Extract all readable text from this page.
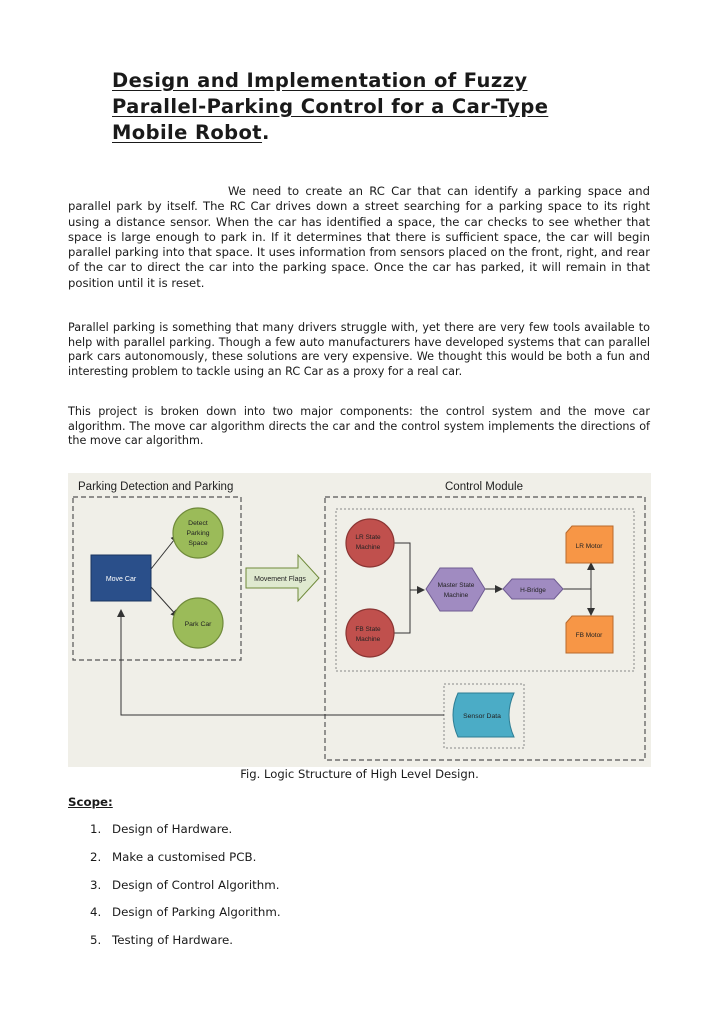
Design and Implementation of Fuzzy
Parallel-Parking Control for a Car-Type
Mobile Robot.

We need to create an RC Car that can identify a parking space and parallel park by itself. The RC Car drives down a street searching for a parking space to its right using a distance sensor. When the car has identified a space, the car checks to see whether that space is large enough to park in. If it determines that there is sufficient space, the car will begin parallel parking into that space. It uses information from sensors placed on the front, right, and rear of the car to direct the car into the parking space. Once the car has parked, it will remain in that position until it is reset.

Parallel parking is something that many drivers struggle with, yet there are very few tools available to help with parallel parking. Though a few auto manufacturers have developed systems that can parallel park cars autonomously, these solutions are very expensive. We thought this would be both a fun and interesting problem to tackle using an RC Car as a proxy for a real car.

This project is broken down into two major components: the control system and the move car algorithm. The move car algorithm directs the car and the control system implements the directions of the move car algorithm.

Parking Detection and Parking	Control Module
Move Car
Detect
Parking
Space
Park Car
Movement Flags
LR State
Machine
FB State
Machine
Master State
Machine
H-Bridge
LR Motor
FB Motor
Sensor Data

Fig. Logic Structure of High Level Design.

Scope:

1. Design of Hardware.
2. Make a customised PCB.
3. Design of Control Algorithm.
4. Design of Parking Algorithm.
5. Testing of Hardware.
